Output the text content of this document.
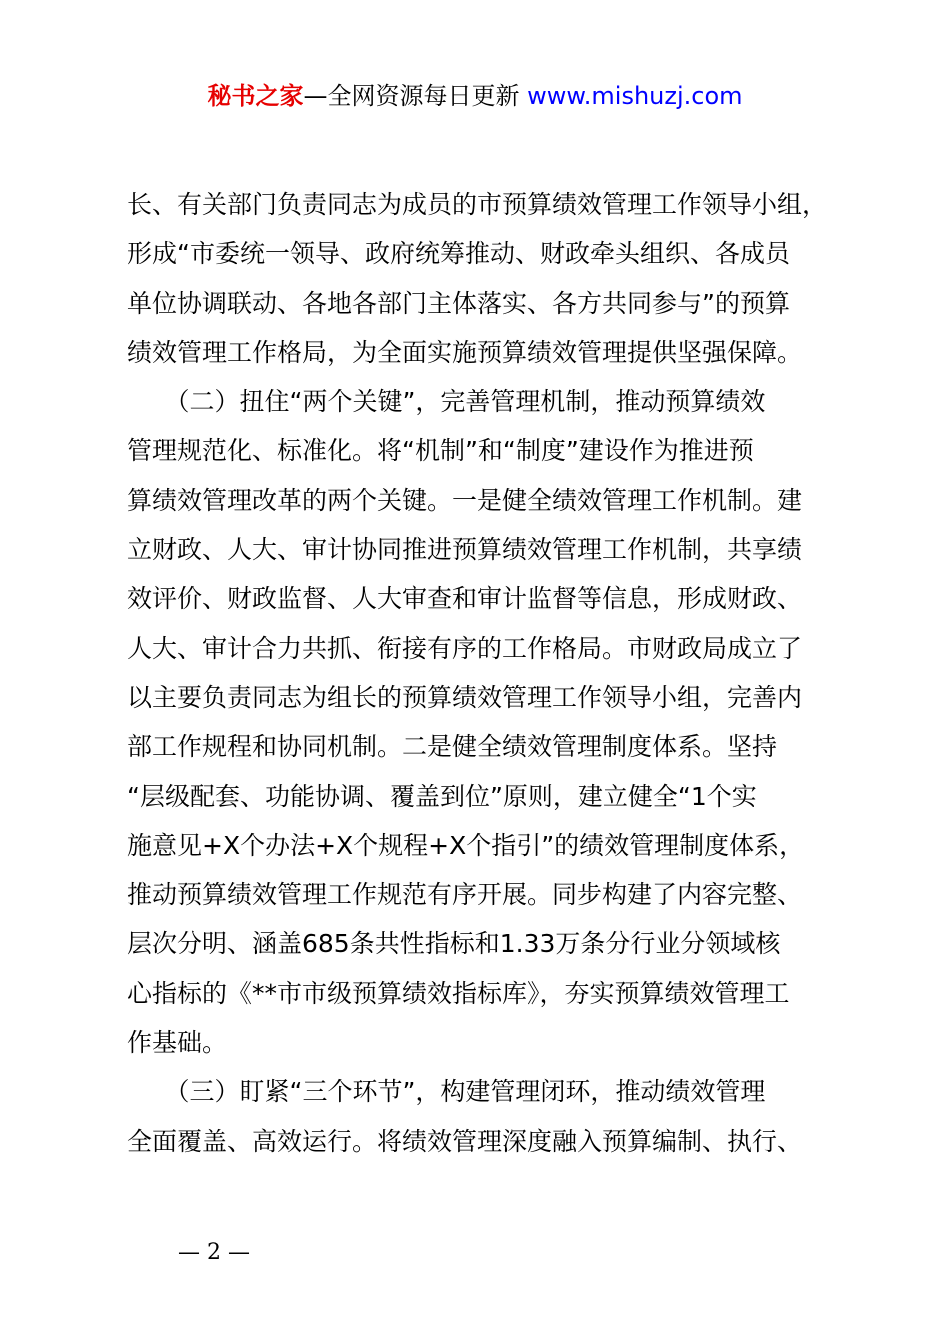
秘书之家—全网资源每日更新 www.mishuzj.com
长、有关部门负责同志为成员的市预算绩效管理工作领导小组，
形成“市委统一领导、政府统筹推动、财政牵头组织、各成员
单位协调联动、各地各部门主体落实、各方共同参与”的预算
绩效管理工作格局，为全面实施预算绩效管理提供坚强保障。
　　（二）扭住“两个关键”，完善管理机制，推动预算绩效
管理规范化、标准化。将“机制”和“制度”建设作为推进预
算绩效管理改革的两个关键。一是健全绩效管理工作机制。建
立财政、人大、审计协同推进预算绩效管理工作机制，共享绩
效评价、财政监督、人大审查和审计监督等信息，形成财政、
人大、审计合力共抓、衔接有序的工作格局。市财政局成立了
以主要负责同志为组长的预算绩效管理工作领导小组，完善内
部工作规程和协同机制。二是健全绩效管理制度体系。坚持
“层级配套、功能协调、覆盖到位”原则，建立健全“1个实
施意见+X个办法+X个规程+X个指引”的绩效管理制度体系，
推动预算绩效管理工作规范有序开展。同步构建了内容完整、
层次分明、涵盖685条共性指标和1.33万条分行业分领域核
心指标的《**市市级预算绩效指标库》，夯实预算绩效管理工
作基础。
　　（三）盯紧“三个环节”，构建管理闭环，推动绩效管理
全面覆盖、高效运行。将绩效管理深度融入预算编制、执行、
— 2 —
